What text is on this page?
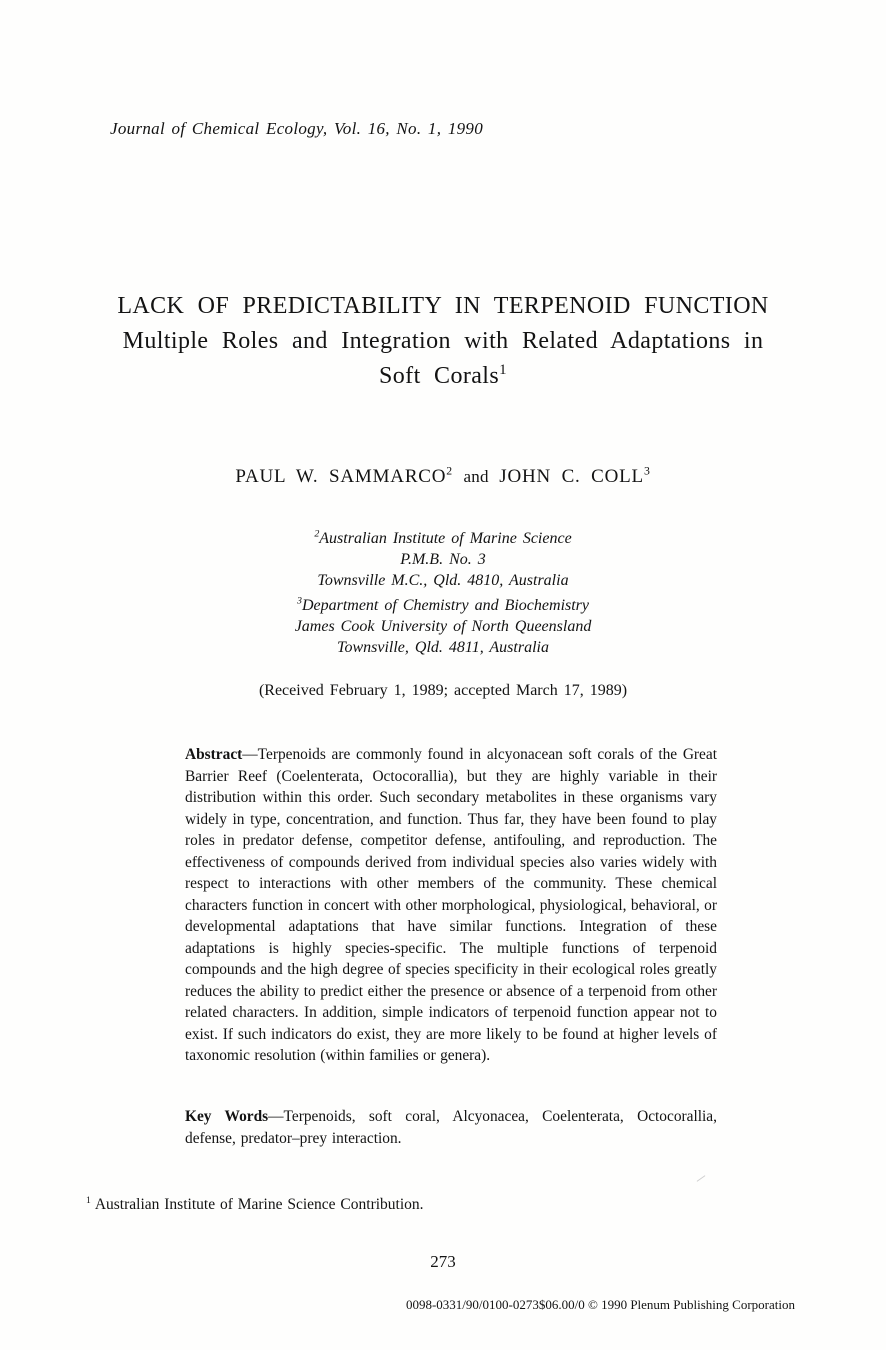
Journal of Chemical Ecology, Vol. 16, No. 1, 1990
LACK OF PREDICTABILITY IN TERPENOID FUNCTION
Multiple Roles and Integration with Related Adaptations in
Soft Corals$^1$
PAUL W. SAMMARCO$^2$ and JOHN C. COLL$^3$
$^2$Australian Institute of Marine Science
P.M.B. No. 3
Townsville M.C., Qld. 4810, Australia
$^3$Department of Chemistry and Biochemistry
James Cook University of North Queensland
Townsville, Qld. 4811, Australia
(Received February 1, 1989; accepted March 17, 1989)
Abstract—Terpenoids are commonly found in alcyonacean soft corals of the Great Barrier Reef (Coelenterata, Octocorallia), but they are highly variable in their distribution within this order. Such secondary metabolites in these organisms vary widely in type, concentration, and function. Thus far, they have been found to play roles in predator defense, competitor defense, antifouling, and reproduction. The effectiveness of compounds derived from individual species also varies widely with respect to interactions with other members of the community. These chemical characters function in concert with other morphological, physiological, behavioral, or developmental adaptations that have similar functions. Integration of these adaptations is highly species-specific. The multiple functions of terpenoid compounds and the high degree of species specificity in their ecological roles greatly reduces the ability to predict either the presence or absence of a terpenoid from other related characters. In addition, simple indicators of terpenoid function appear not to exist. If such indicators do exist, they are more likely to be found at higher levels of taxonomic resolution (within families or genera).
Key Words—Terpenoids, soft coral, Alcyonacea, Coelenterata, Octocorallia, defense, predator–prey interaction.
$^1$ Australian Institute of Marine Science Contribution.
273
0098-0331/90/0100-0273$06.00/0 © 1990 Plenum Publishing Corporation
